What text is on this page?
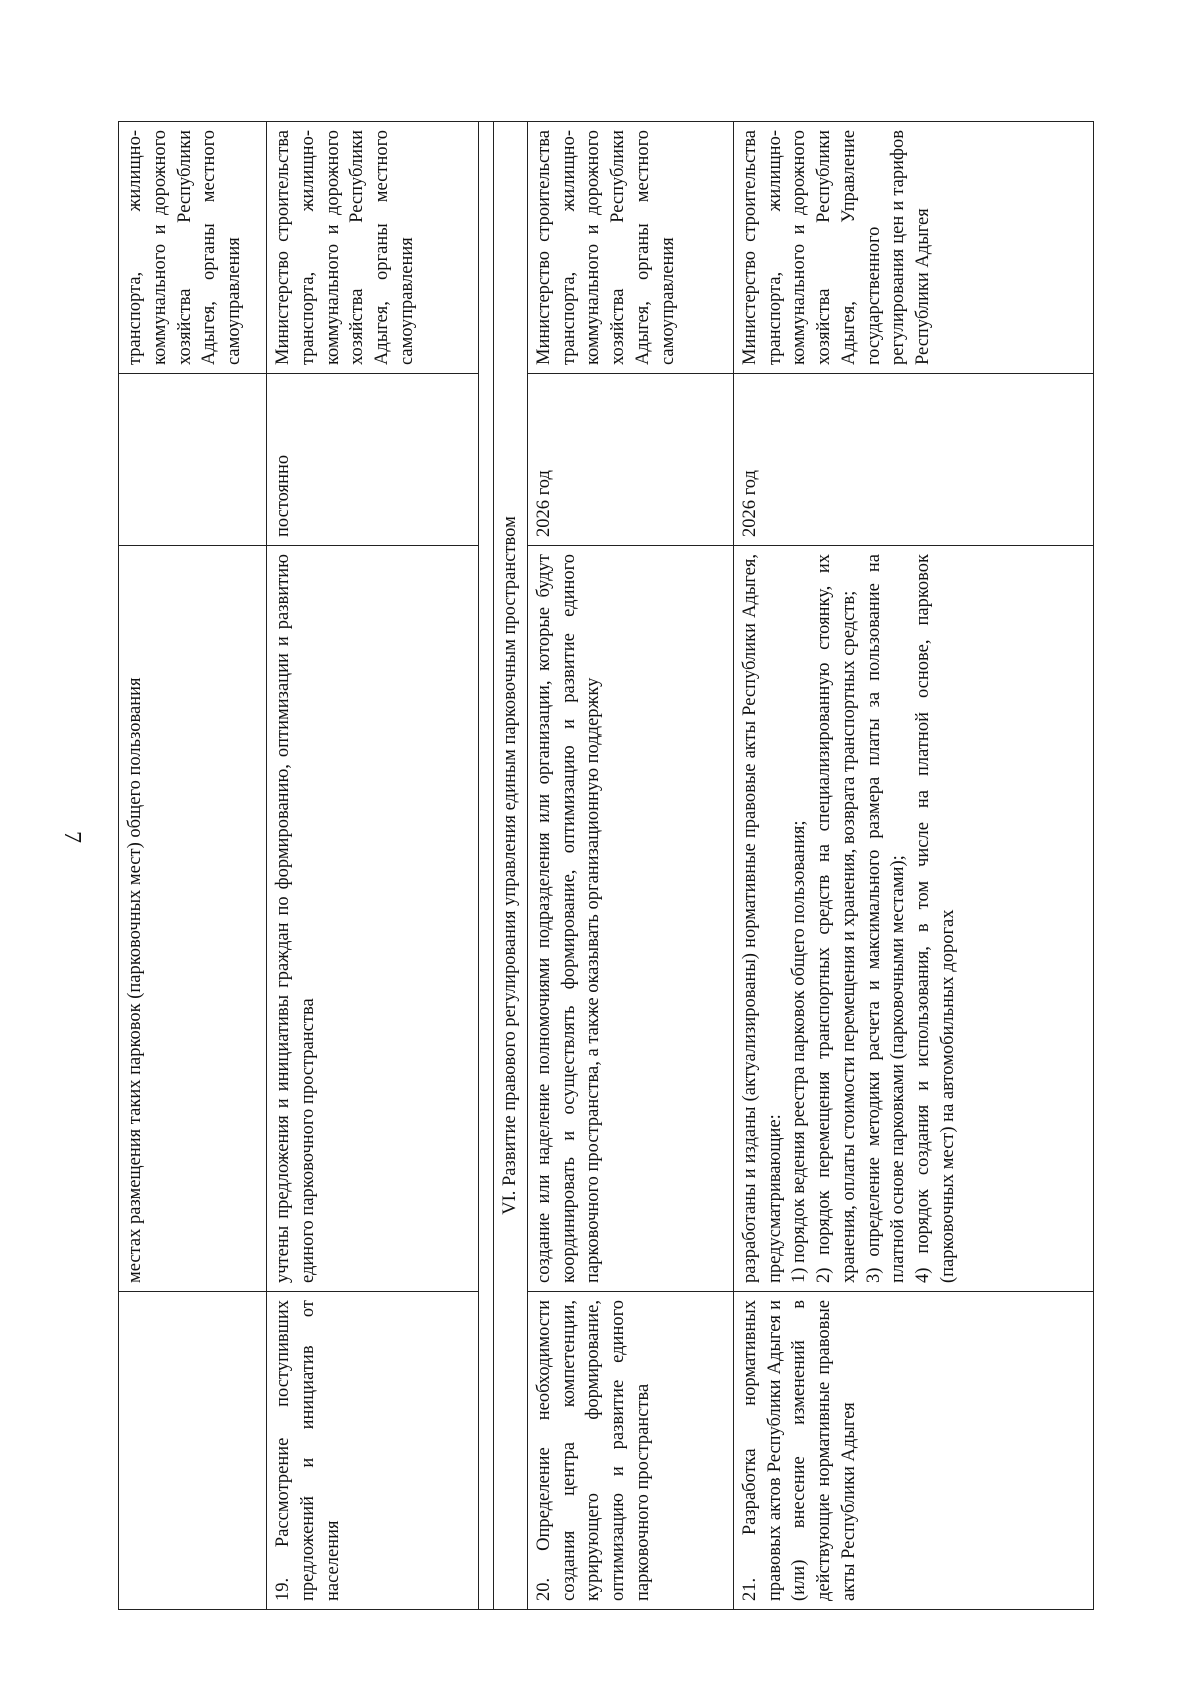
7
	местах размещения таких парковок (парковочных мест) общего пользования		транспорта, жилищно-коммунального и дорожного хозяйства Республики Адыгея, органы местного самоуправления
19. Рассмотрение поступивших предложений и инициатив от населения	учтены предложения и инициативы граждан по формированию, оптимизации и развитию единого парковочного пространства	постоянно	Министерство строительства транспорта, жилищно-коммунального и дорожного хозяйства Республики Адыгея, органы местного самоуправления

VI. Развитие правового регулирования управления единым парковочным пространством			
20. Определение необходимости создания центра компетенции, курирующего формирование, оптимизацию и развитие единого парковочного пространства	создание или наделение полномочиями подразделения или организации, которые будут координировать и осуществлять формирование, оптимизацию и развитие единого парковочного пространства, а также оказывать организационную поддержку	2026 год	Министерство строительства транспорта, жилищно-коммунального и дорожного хозяйства Республики Адыгея, органы местного самоуправления
21. Разработка нормативных правовых актов Республики Адыгея и (или) внесение изменений в действующие нормативные правовые акты Республики Адыгея	разработаны и изданы (актуализированы) нормативные правовые акты Республики Адыгея, предусматривающие: 1) порядок ведения реестра парковок общего пользования; 2) порядок перемещения транспортных средств на специализированную стоянку, их хранения, оплаты стоимости перемещения и хранения, возврата транспортных средств; 3) определение методики расчета и максимального размера платы за пользование на платной основе парковками (парковочными местами); 4) порядок создания и использования, в том числе на платной основе, парковок (парковочных мест) на автомобильных дорогах	2026 год	Министерство строительства транспорта, жилищно-коммунального и дорожного хозяйства Республики Адыгея, Управление государственного регулирования цен и тарифов Республики Адыгея
